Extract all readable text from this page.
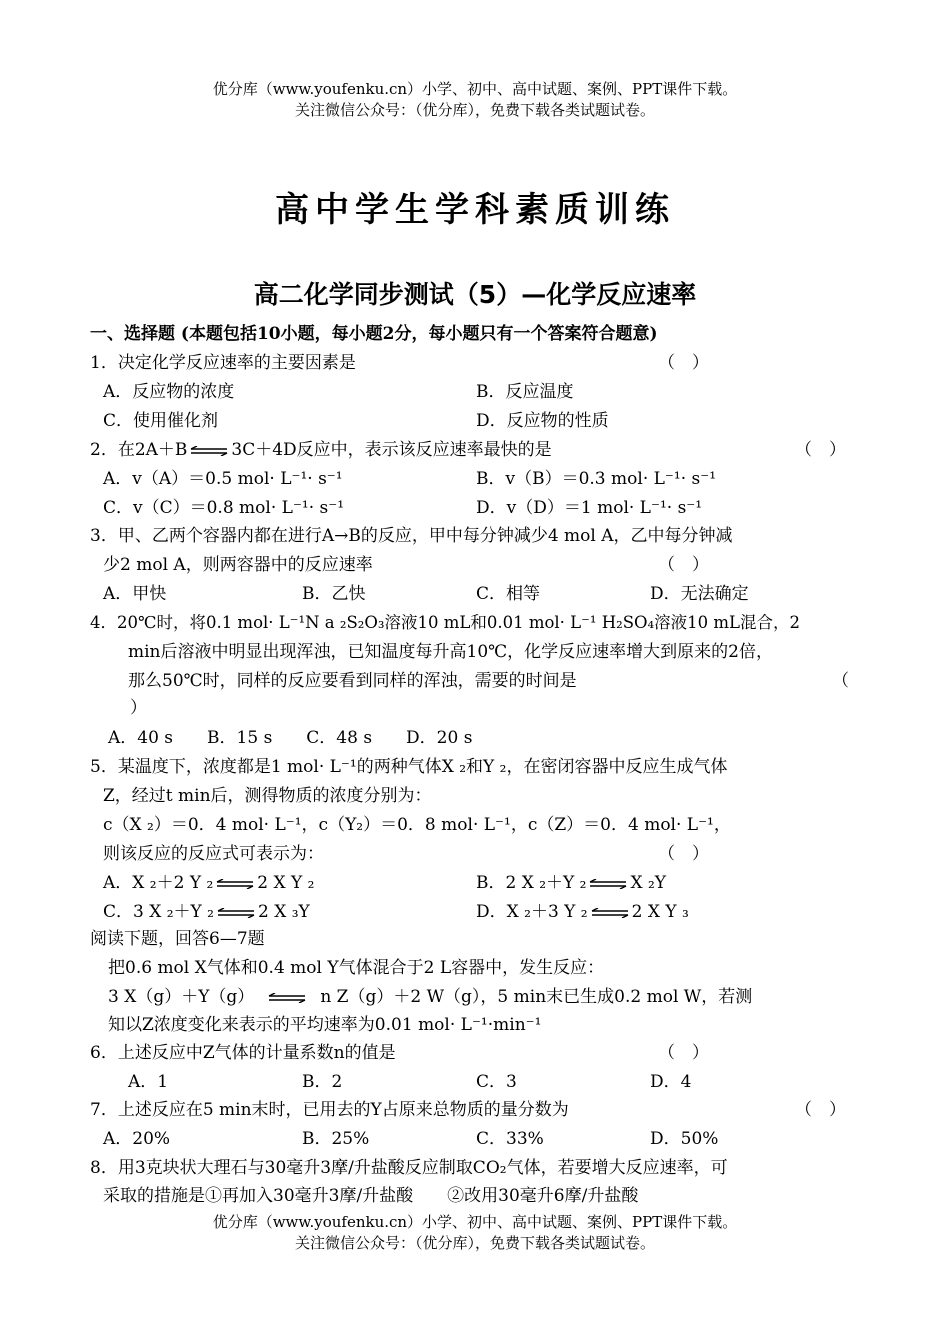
优分库（www.youfenku.cn）小学、初中、高中试题、案例、PPT课件下载。
关注微信公众号：（优分库），免费下载各类试题试卷。
高中学生学科素质训练
高二化学同步测试（5）—化学反应速率
一、选择题 (本题包括10小题，每小题2分，每小题只有一个答案符合题意)
1．决定化学反应速率的主要因素是	（　）
A．反应物的浓度	B．反应温度
C．使用催化剂	D．反应物的性质
2．在2A＋B ⇌ 3C＋4D反应中，表示该反应速率最快的是	（　）
A．v（A）＝0.5 mol· L⁻¹· s⁻¹	B．v（B）＝0.3 mol· L⁻¹· s⁻¹
C．v（C）＝0.8 mol· L⁻¹· s⁻¹	D．v（D）＝1 mol· L⁻¹· s⁻¹
3．甲、乙两个容器内都在进行A→B的反应，甲中每分钟减少4 mol A，乙中每分钟减
少2 mol A，则两容器中的反应速率	（　）
A．甲快	B．乙快	C．相等	D．无法确定
4．20℃时，将0.1 mol· L⁻¹N a ₂S₂O₃溶液10 mL和0.01 mol· L⁻¹ H₂SO₄溶液10 mL混合，2
min后溶液中明显出现浑浊，已知温度每升高10℃，化学反应速率增大到原来的2倍，
那么50℃时，同样的反应要看到同样的浑浊，需要的时间是	（
）
A．40 s　　B．15 s　　C．48 s　　D．20 s
5．某温度下，浓度都是1 mol· L⁻¹的两种气体X ₂和Y ₂，在密闭容器中反应生成气体
Z，经过t min后，测得物质的浓度分别为：
c（X ₂）＝0．4 mol· L⁻¹，c（Y₂）＝0．8 mol· L⁻¹，c（Z）＝0．4 mol· L⁻¹，
则该反应的反应式可表示为：	（　）
A．X ₂＋2 Y ₂ ⇌ 2 X Y ₂	B．2 X ₂＋Y ₂ ⇌ X ₂Y
C．3 X ₂＋Y ₂ ⇌ 2 X ₃Y	D．X ₂＋3 Y ₂ ⇌ 2 X Y ₃
阅读下题，回答6—7题
把0.6 mol X气体和0.4 mol Y气体混合于2 L容器中，发生反应：
3 X（g）＋Y（g） ⇌ n Z（g）＋2 W（g），5 min末已生成0.2 mol W，若测
知以Z浓度变化来表示的平均速率为0.01 mol· L⁻¹·min⁻¹
6．上述反应中Z气体的计量系数n的值是	（　）
A．1	B．2	C．3	D．4
7．上述反应在5 min末时，已用去的Y占原来总物质的量分数为	（　）
A．20%	B．25%	C．33%	D．50%
8．用3克块状大理石与30毫升3摩/升盐酸反应制取CO₂气体，若要增大反应速率，可
采取的措施是①再加入30毫升3摩/升盐酸　　②改用30毫升6摩/升盐酸
优分库（www.youfenku.cn）小学、初中、高中试题、案例、PPT课件下载。
关注微信公众号：（优分库），免费下载各类试题试卷。
